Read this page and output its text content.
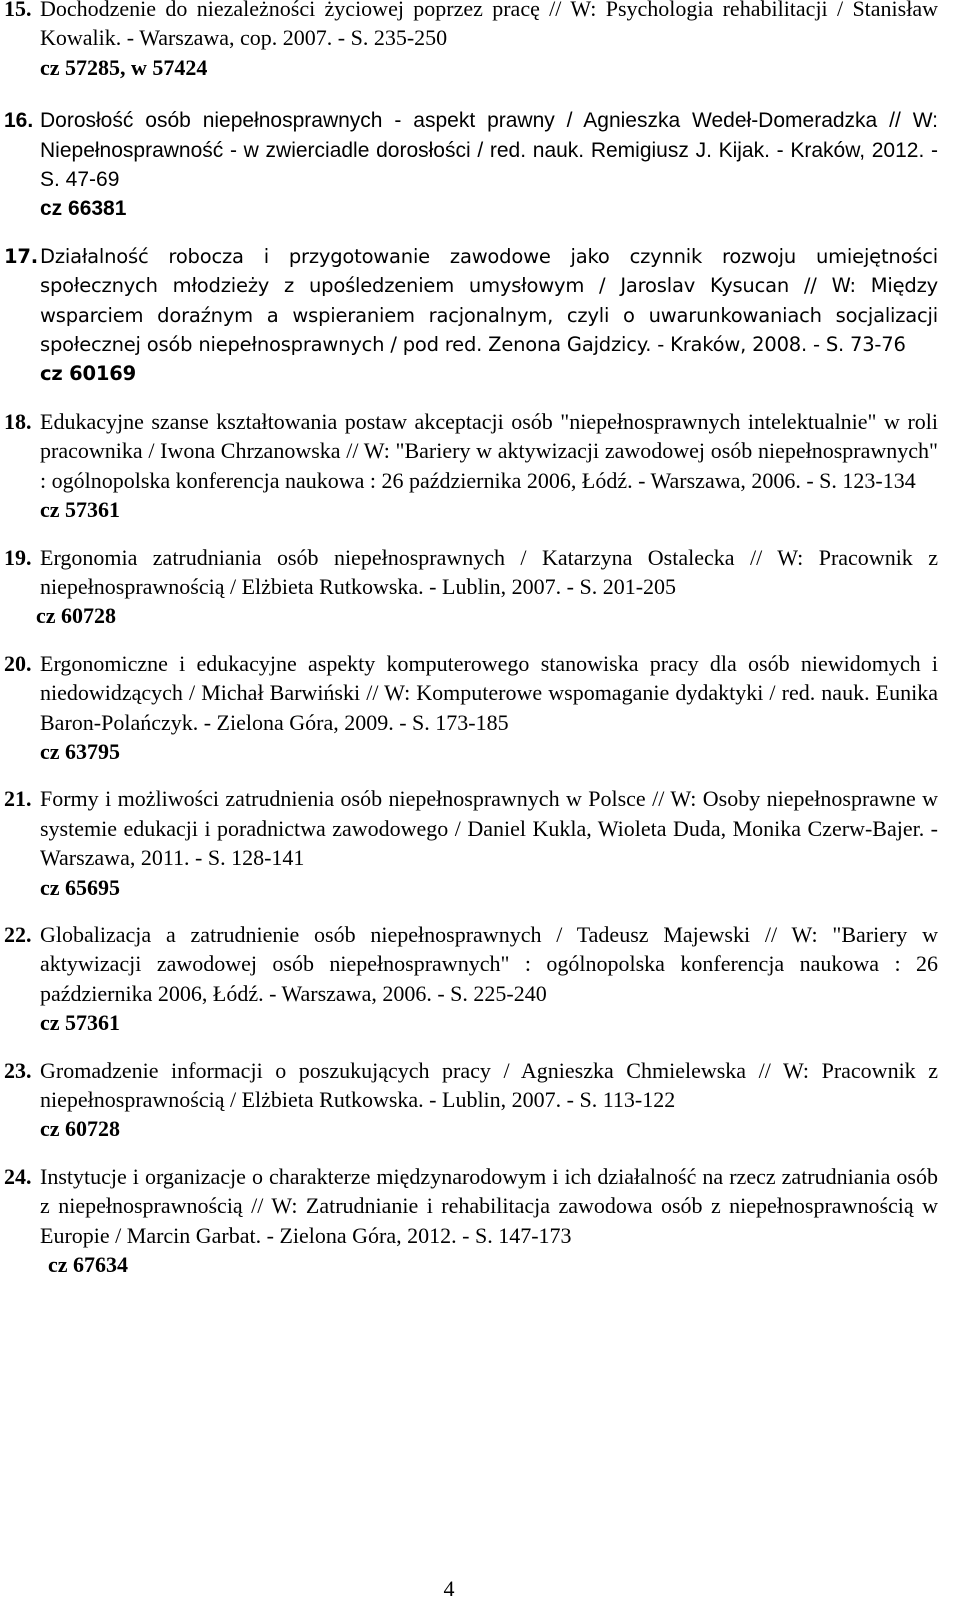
15. Dochodzenie do niezależności życiowej poprzez pracę // W: Psychologia rehabilitacji / Stanisław Kowalik. - Warszawa, cop. 2007. - S. 235-250
cz 57285, w 57424
16. Dorosłość osób niepełnosprawnych - aspekt prawny / Agnieszka Wedeł-Domeradzka // W: Niepełnosprawność - w zwierciadle dorosłości / red. nauk. Remigiusz J. Kijak. - Kraków, 2012. - S. 47-69
cz 66381
17. Działalność robocza i przygotowanie zawodowe jako czynnik rozwoju umiejętności społecznych młodzieży z upośledzeniem umysłowym / Jaroslav Kysucan // W: Między wsparciem doraźnym a wspieraniem racjonalnym, czyli o uwarunkowaniach socjalizacji społecznej osób niepełnosprawnych / pod red. Zenona Gajdzicy. - Kraków, 2008. - S. 73-76
cz 60169
18. Edukacyjne szanse kształtowania postaw akceptacji osób "niepełnosprawnych intelektualnie" w roli pracownika / Iwona Chrzanowska // W: "Bariery w aktywizacji zawodowej osób niepełnosprawnych" : ogólnopolska konferencja naukowa : 26 października 2006, Łódź. - Warszawa, 2006. - S. 123-134
cz 57361
19. Ergonomia zatrudniania osób niepełnosprawnych / Katarzyna Ostalecka // W: Pracownik z niepełnosprawnością / Elżbieta Rutkowska. - Lublin, 2007. - S. 201-205
cz 60728
20. Ergonomiczne i edukacyjne aspekty komputerowego stanowiska pracy dla osób niewidomych i niedowidzących / Michał Barwiński // W: Komputerowe wspomaganie dydaktyki / red. nauk. Eunika Baron-Polańczyk. - Zielona Góra, 2009. - S. 173-185
cz 63795
21. Formy i możliwości zatrudnienia osób niepełnosprawnych w Polsce // W: Osoby niepełnosprawne w systemie edukacji i poradnictwa zawodowego / Daniel Kukla, Wioleta Duda, Monika Czerw-Bajer. - Warszawa, 2011. - S. 128-141
cz 65695
22. Globalizacja a zatrudnienie osób niepełnosprawnych / Tadeusz Majewski // W: "Bariery w aktywizacji zawodowej osób niepełnosprawnych" : ogólnopolska konferencja naukowa : 26 października 2006, Łódź. - Warszawa, 2006. - S. 225-240
cz 57361
23. Gromadzenie informacji o poszukujących pracy / Agnieszka Chmielewska // W: Pracownik z niepełnosprawnością / Elżbieta Rutkowska. - Lublin, 2007. - S. 113-122
cz 60728
24. Instytucje i organizacje o charakterze międzynarodowym i ich działalność na rzecz zatrudniania osób z niepełnosprawnością // W: Zatrudnianie i rehabilitacja zawodowa osób z niepełnosprawnością w Europie / Marcin Garbat. - Zielona Góra, 2012. - S. 147-173
cz 67634
4
